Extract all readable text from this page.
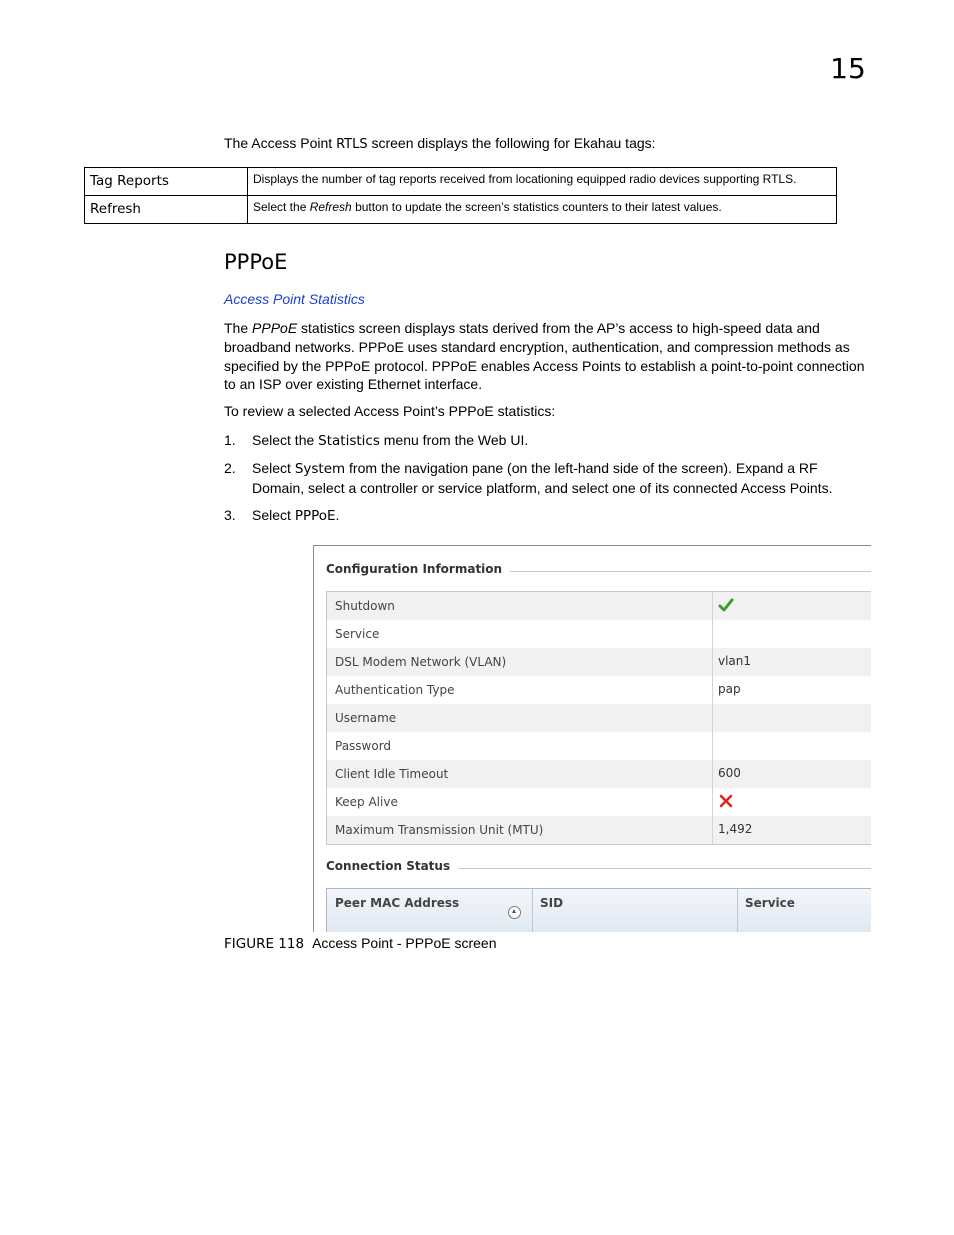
15
The Access Point RTLS screen displays the following for Ekahau tags:
Tag Reports	Displays the number of tag reports received from locationing equipped radio devices supporting RTLS.
Refresh	Select the Refresh button to update the screen’s statistics counters to their latest values.
PPPoE
Access Point Statistics

The PPPoE statistics screen displays stats derived from the AP’s access to high-speed data and broadband networks. PPPoE uses standard encryption, authentication, and compression methods as specified by the PPPoE protocol. PPPoE enables Access Points to establish a point-to-point connection to an ISP over existing Ethernet interface.

To review a selected Access Point’s PPPoE statistics:

1. Select the Statistics menu from the Web UI.
2. Select System from the navigation pane (on the left-hand side of the screen). Expand a RF Domain, select a controller or service platform, and select one of its connected Access Points.
3. Select PPPoE.
Configuration Information
Shutdown
Service
DSL Modem Network (VLAN)	vlan1
Authentication Type	pap
Username
Password
Client Idle Timeout	600
Keep Alive
Maximum Transmission Unit (MTU)	1,492
Connection Status
Peer MAC Address	SID	Service
FIGURE 118 Access Point - PPPoE screen
